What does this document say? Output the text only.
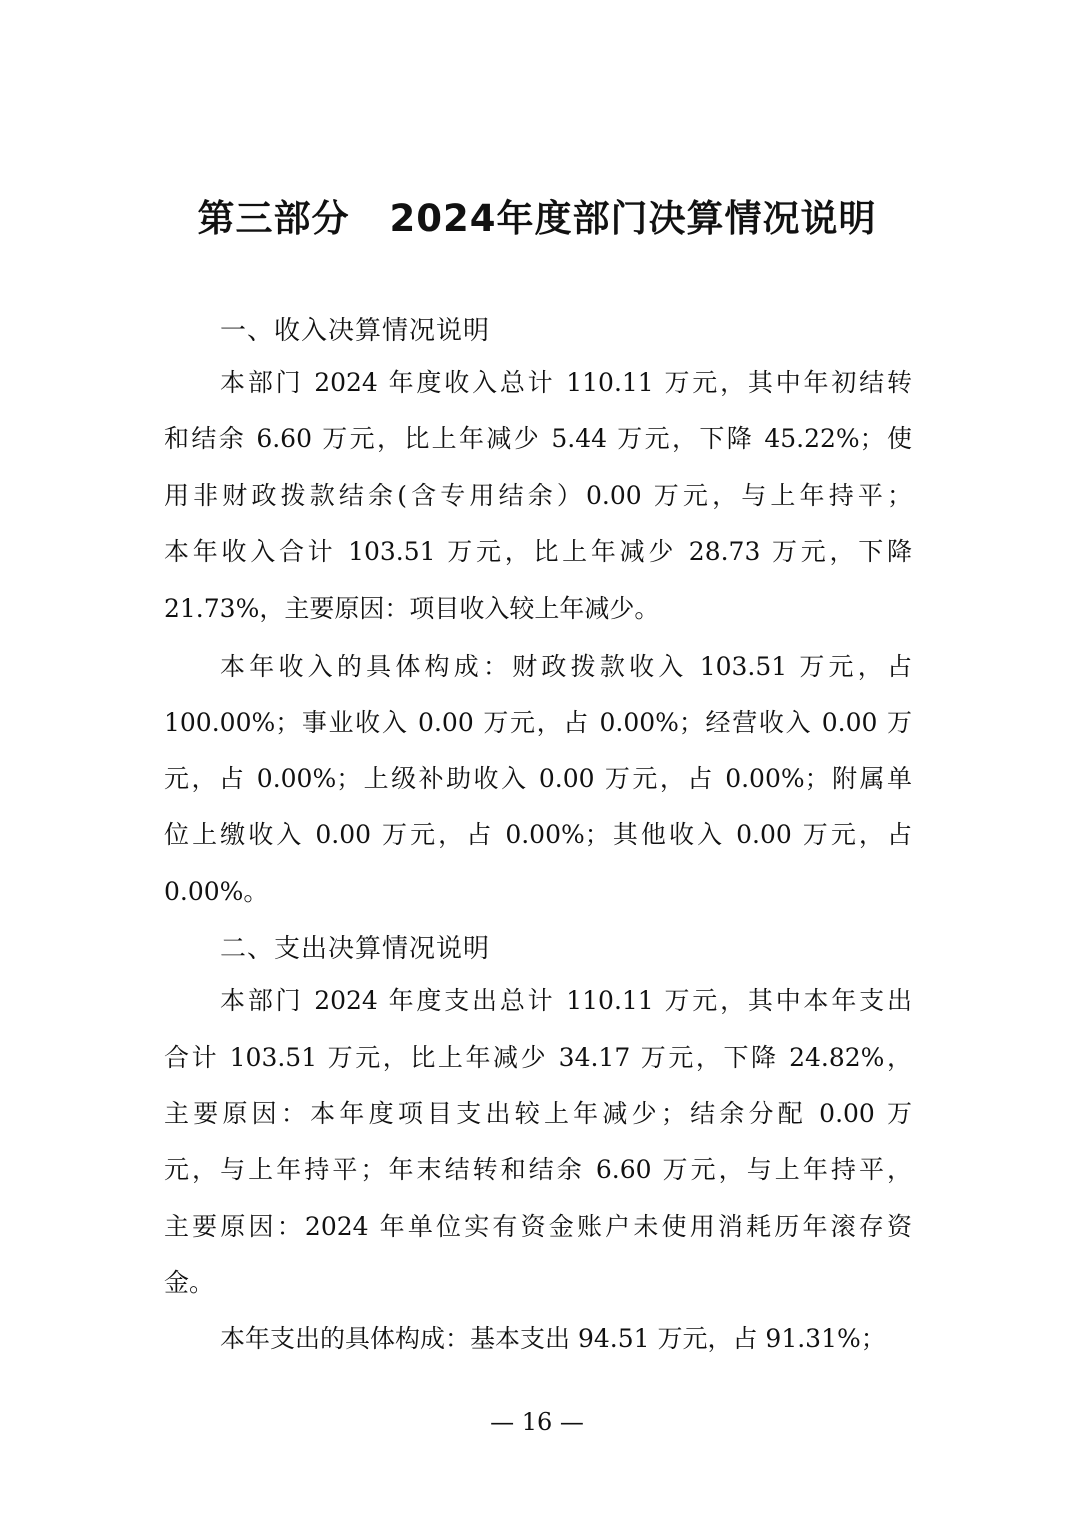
第三部分 2024年度部门决算情况说明
一、收入决算情况说明
本部门 2024 年度收入总计 110.11 万元，其中年初结转
和结余 6.60 万元，比上年减少 5.44 万元，下降 45.22%；使
用非财政拨款结余(含专用结余）0.00 万元，与上年持平；
本年收入合计 103.51 万元，比上年减少 28.73 万元，下降
21.73%，主要原因：项目收入较上年减少。
本年收入的具体构成：财政拨款收入 103.51 万元，占
100.00%；事业收入 0.00 万元，占 0.00%；经营收入 0.00 万
元，占 0.00%；上级补助收入 0.00 万元，占 0.00%；附属单
位上缴收入 0.00 万元，占 0.00%；其他收入 0.00 万元，占
0.00%。
二、支出决算情况说明
本部门 2024 年度支出总计 110.11 万元，其中本年支出
合计 103.51 万元，比上年减少 34.17 万元，下降 24.82%，
主要原因：本年度项目支出较上年减少；结余分配 0.00 万
元，与上年持平；年末结转和结余 6.60 万元，与上年持平，
主要原因：2024 年单位实有资金账户未使用消耗历年滚存资
金。
本年支出的具体构成：基本支出 94.51 万元，占 91.31%；
— 16 —
